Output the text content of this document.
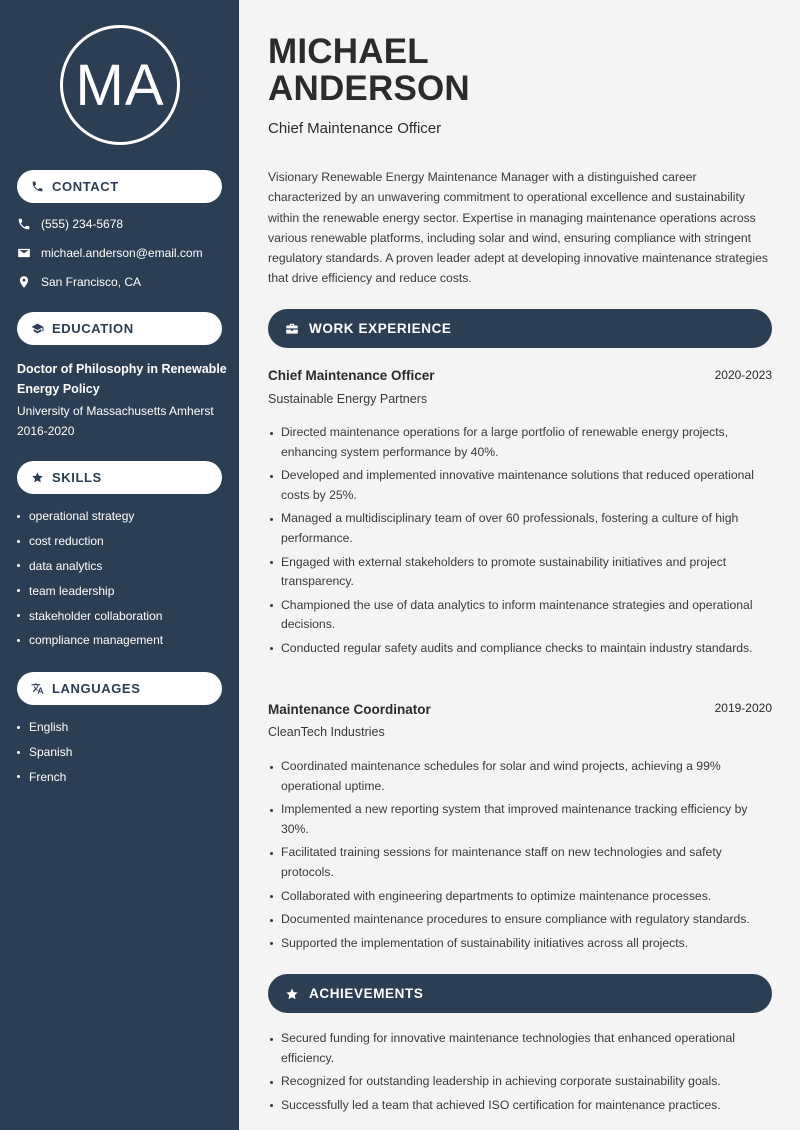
MA
CONTACT
(555) 234-5678
michael.anderson@email.com
San Francisco, CA
EDUCATION
Doctor of Philosophy in Renewable Energy Policy
University of Massachusetts Amherst
2016-2020
SKILLS
operational strategy
cost reduction
data analytics
team leadership
stakeholder collaboration
compliance management
LANGUAGES
English
Spanish
French
MICHAEL
ANDERSON
Chief Maintenance Officer

Visionary Renewable Energy Maintenance Manager with a distinguished career characterized by an unwavering commitment to operational excellence and sustainability within the renewable energy sector. Expertise in managing maintenance operations across various renewable platforms, including solar and wind, ensuring compliance with stringent regulatory standards. A proven leader adept at developing innovative maintenance strategies that drive efficiency and reduce costs.

WORK EXPERIENCE
Chief Maintenance Officer	2020-2023
Sustainable Energy Partners
Directed maintenance operations for a large portfolio of renewable energy projects, enhancing system performance by 40%.
Developed and implemented innovative maintenance solutions that reduced operational costs by 25%.
Managed a multidisciplinary team of over 60 professionals, fostering a culture of high performance.
Engaged with external stakeholders to promote sustainability initiatives and project transparency.
Championed the use of data analytics to inform maintenance strategies and operational decisions.
Conducted regular safety audits and compliance checks to maintain industry standards.
Maintenance Coordinator	2019-2020
CleanTech Industries
Coordinated maintenance schedules for solar and wind projects, achieving a 99% operational uptime.
Implemented a new reporting system that improved maintenance tracking efficiency by 30%.
Facilitated training sessions for maintenance staff on new technologies and safety protocols.
Collaborated with engineering departments to optimize maintenance processes.
Documented maintenance procedures to ensure compliance with regulatory standards.
Supported the implementation of sustainability initiatives across all projects.
ACHIEVEMENTS
Secured funding for innovative maintenance technologies that enhanced operational efficiency.
Recognized for outstanding leadership in achieving corporate sustainability goals.
Successfully led a team that achieved ISO certification for maintenance practices.
